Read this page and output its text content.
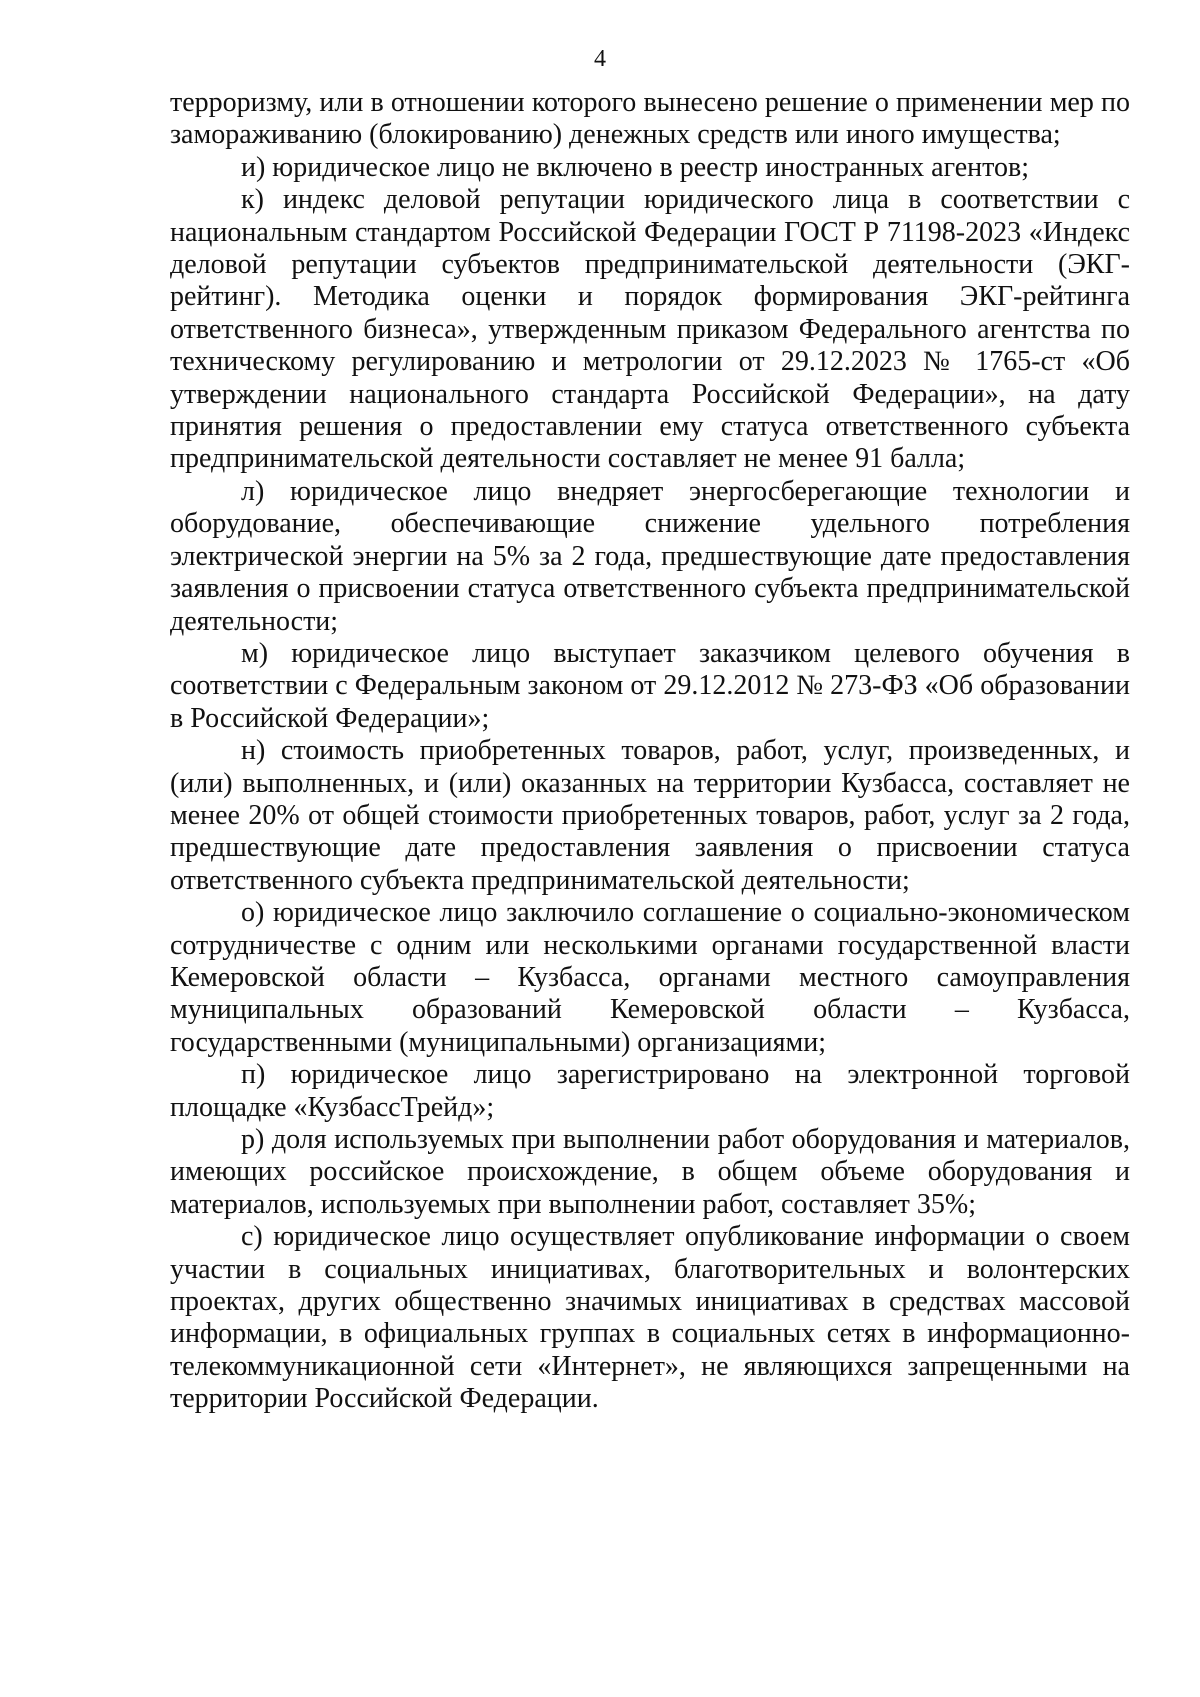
4

терроризму, или в отношении которого вынесено решение о применении мер по замораживанию (блокированию) денежных средств или иного имущества;

и) юридическое лицо не включено в реестр иностранных агентов;

к) индекс деловой репутации юридического лица в соответствии с национальным стандартом Российской Федерации ГОСТ Р 71198-2023 «Индекс деловой репутации субъектов предпринимательской деятельности (ЭКГ-рейтинг). Методика оценки и порядок формирования ЭКГ-рейтинга ответственного бизнеса», утвержденным приказом Федерального агентства по техническому регулированию и метрологии от 29.12.2023 № 1765-ст «Об утверждении национального стандарта Российской Федерации», на дату принятия решения о предоставлении ему статуса ответственного субъекта предпринимательской деятельности составляет не менее 91 балла;

л) юридическое лицо внедряет энергосберегающие технологии и оборудование, обеспечивающие снижение удельного потребления электрической энергии на 5% за 2 года, предшествующие дате предоставления заявления о присвоении статуса ответственного субъекта предпринимательской деятельности;

м) юридическое лицо выступает заказчиком целевого обучения в соответствии с Федеральным законом от 29.12.2012 № 273-ФЗ «Об образовании в Российской Федерации»;

н) стоимость приобретенных товаров, работ, услуг, произведенных, и (или) выполненных, и (или) оказанных на территории Кузбасса, составляет не менее 20% от общей стоимости приобретенных товаров, работ, услуг за 2 года, предшествующие дате предоставления заявления о присвоении статуса ответственного субъекта предпринимательской деятельности;

о) юридическое лицо заключило соглашение о социально-экономическом сотрудничестве с одним или несколькими органами государственной власти Кемеровской области – Кузбасса, органами местного самоуправления муниципальных образований Кемеровской области – Кузбасса, государственными (муниципальными) организациями;

п) юридическое лицо зарегистрировано на электронной торговой площадке «КузбассТрейд»;

р) доля используемых при выполнении работ оборудования и материалов, имеющих российское происхождение, в общем объеме оборудования и материалов, используемых при выполнении работ, составляет 35%;

с) юридическое лицо осуществляет опубликование информации о своем участии в социальных инициативах, благотворительных и волонтерских проектах, других общественно значимых инициативах в средствах массовой информации, в официальных группах в социальных сетях в информационно-телекоммуникационной сети «Интернет», не являющихся запрещенными на территории Российской Федерации.
